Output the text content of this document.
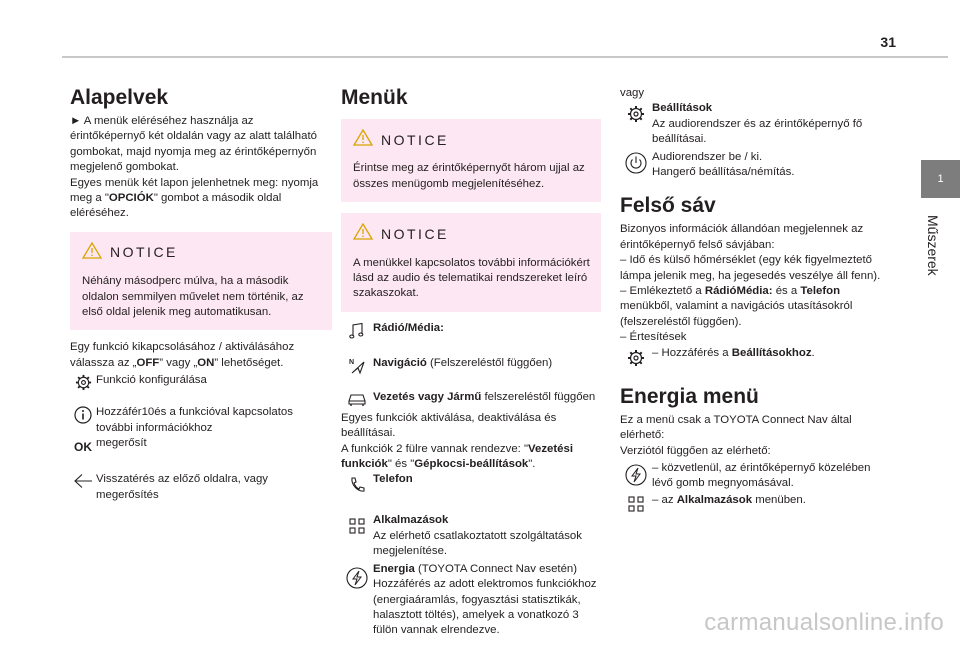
31
1
Műszerek
Alapelvek

► A menük eléréséhez használja az érintőképernyő két oldalán vagy az alatt található gombokat, majd nyomja meg az érintőképernyőn megjelenő gombokat.

Egyes menük két lapon jelenhetnek meg: nyomja meg a "OPCIÓK" gombot a második oldal eléréséhez.

NOTICE

Néhány másodperc múlva, ha a második oldalon semmilyen művelet nem történik, az első oldal jelenik meg automatikusan.

Egy funkció kikapcsolásához / aktiválásához válassza az „OFF” vagy „ON” lehetőséget.

Funkció konfigurálása

Hozzáfér10és a funkcióval kapcsolatos további információkhoz

OK megerősít

Visszatérés az előző oldalra, vagy megerősítés

Menük
NOTICE

Érintse meg az érintőképernyőt három ujjal az összes menügomb megjelenítéséhez.

NOTICE

A menükkel kapcsolatos további információkért lásd az audio és telematikai rendszereket leíró szakaszokat.

Rádió/Média:

N Navigáció (Felszereléstől függően)

Vezetés vagy Jármű felszereléstől függően

Egyes funkciók aktiválása, deaktiválása és beállításai.

A funkciók 2 fülre vannak rendezve: "Vezetési funkciók" és "Gépkocsi-beállítások".

Telefon

Alkalmazások
Az elérhető csatlakoztatott szolgáltatások megjelenítése.

Energia (TOYOTA Connect Nav esetén)
Hozzáférés az adott elektromos funkciókhoz (energiaáramlás, fogyasztási statisztikák, halasztott töltés), amelyek a vonatkozó 3 fülön vannak elrendezve.

vagy

Beállítások
Az audiorendszer és az érintőképernyő fő beállításai.

Audiorendszer be / ki.
Hangerő beállítása/némítás.

Felső sáv

Bizonyos információk állandóan megjelennek az érintőképernyő felső sávjában:

– Idő és külső hőmérséklet (egy kék figyelmeztető lámpa jelenik meg, ha jegesedés veszélye áll fenn).

– Emlékeztető a RádióMédia: és a Telefon menükből, valamint a navigációs utasításokról (felszereléstől függően).

– Értesítések

– Hozzáférés a Beállításokhoz.

Energia menü

Ez a menü csak a TOYOTA Connect Nav által elérhető:

Verziótól függően az elérhető:

– közvetlenül, az érintőképernyő közelében lévő gomb megnyomásával.

– az Alkalmazások menüben.

carmanualsonline.info
